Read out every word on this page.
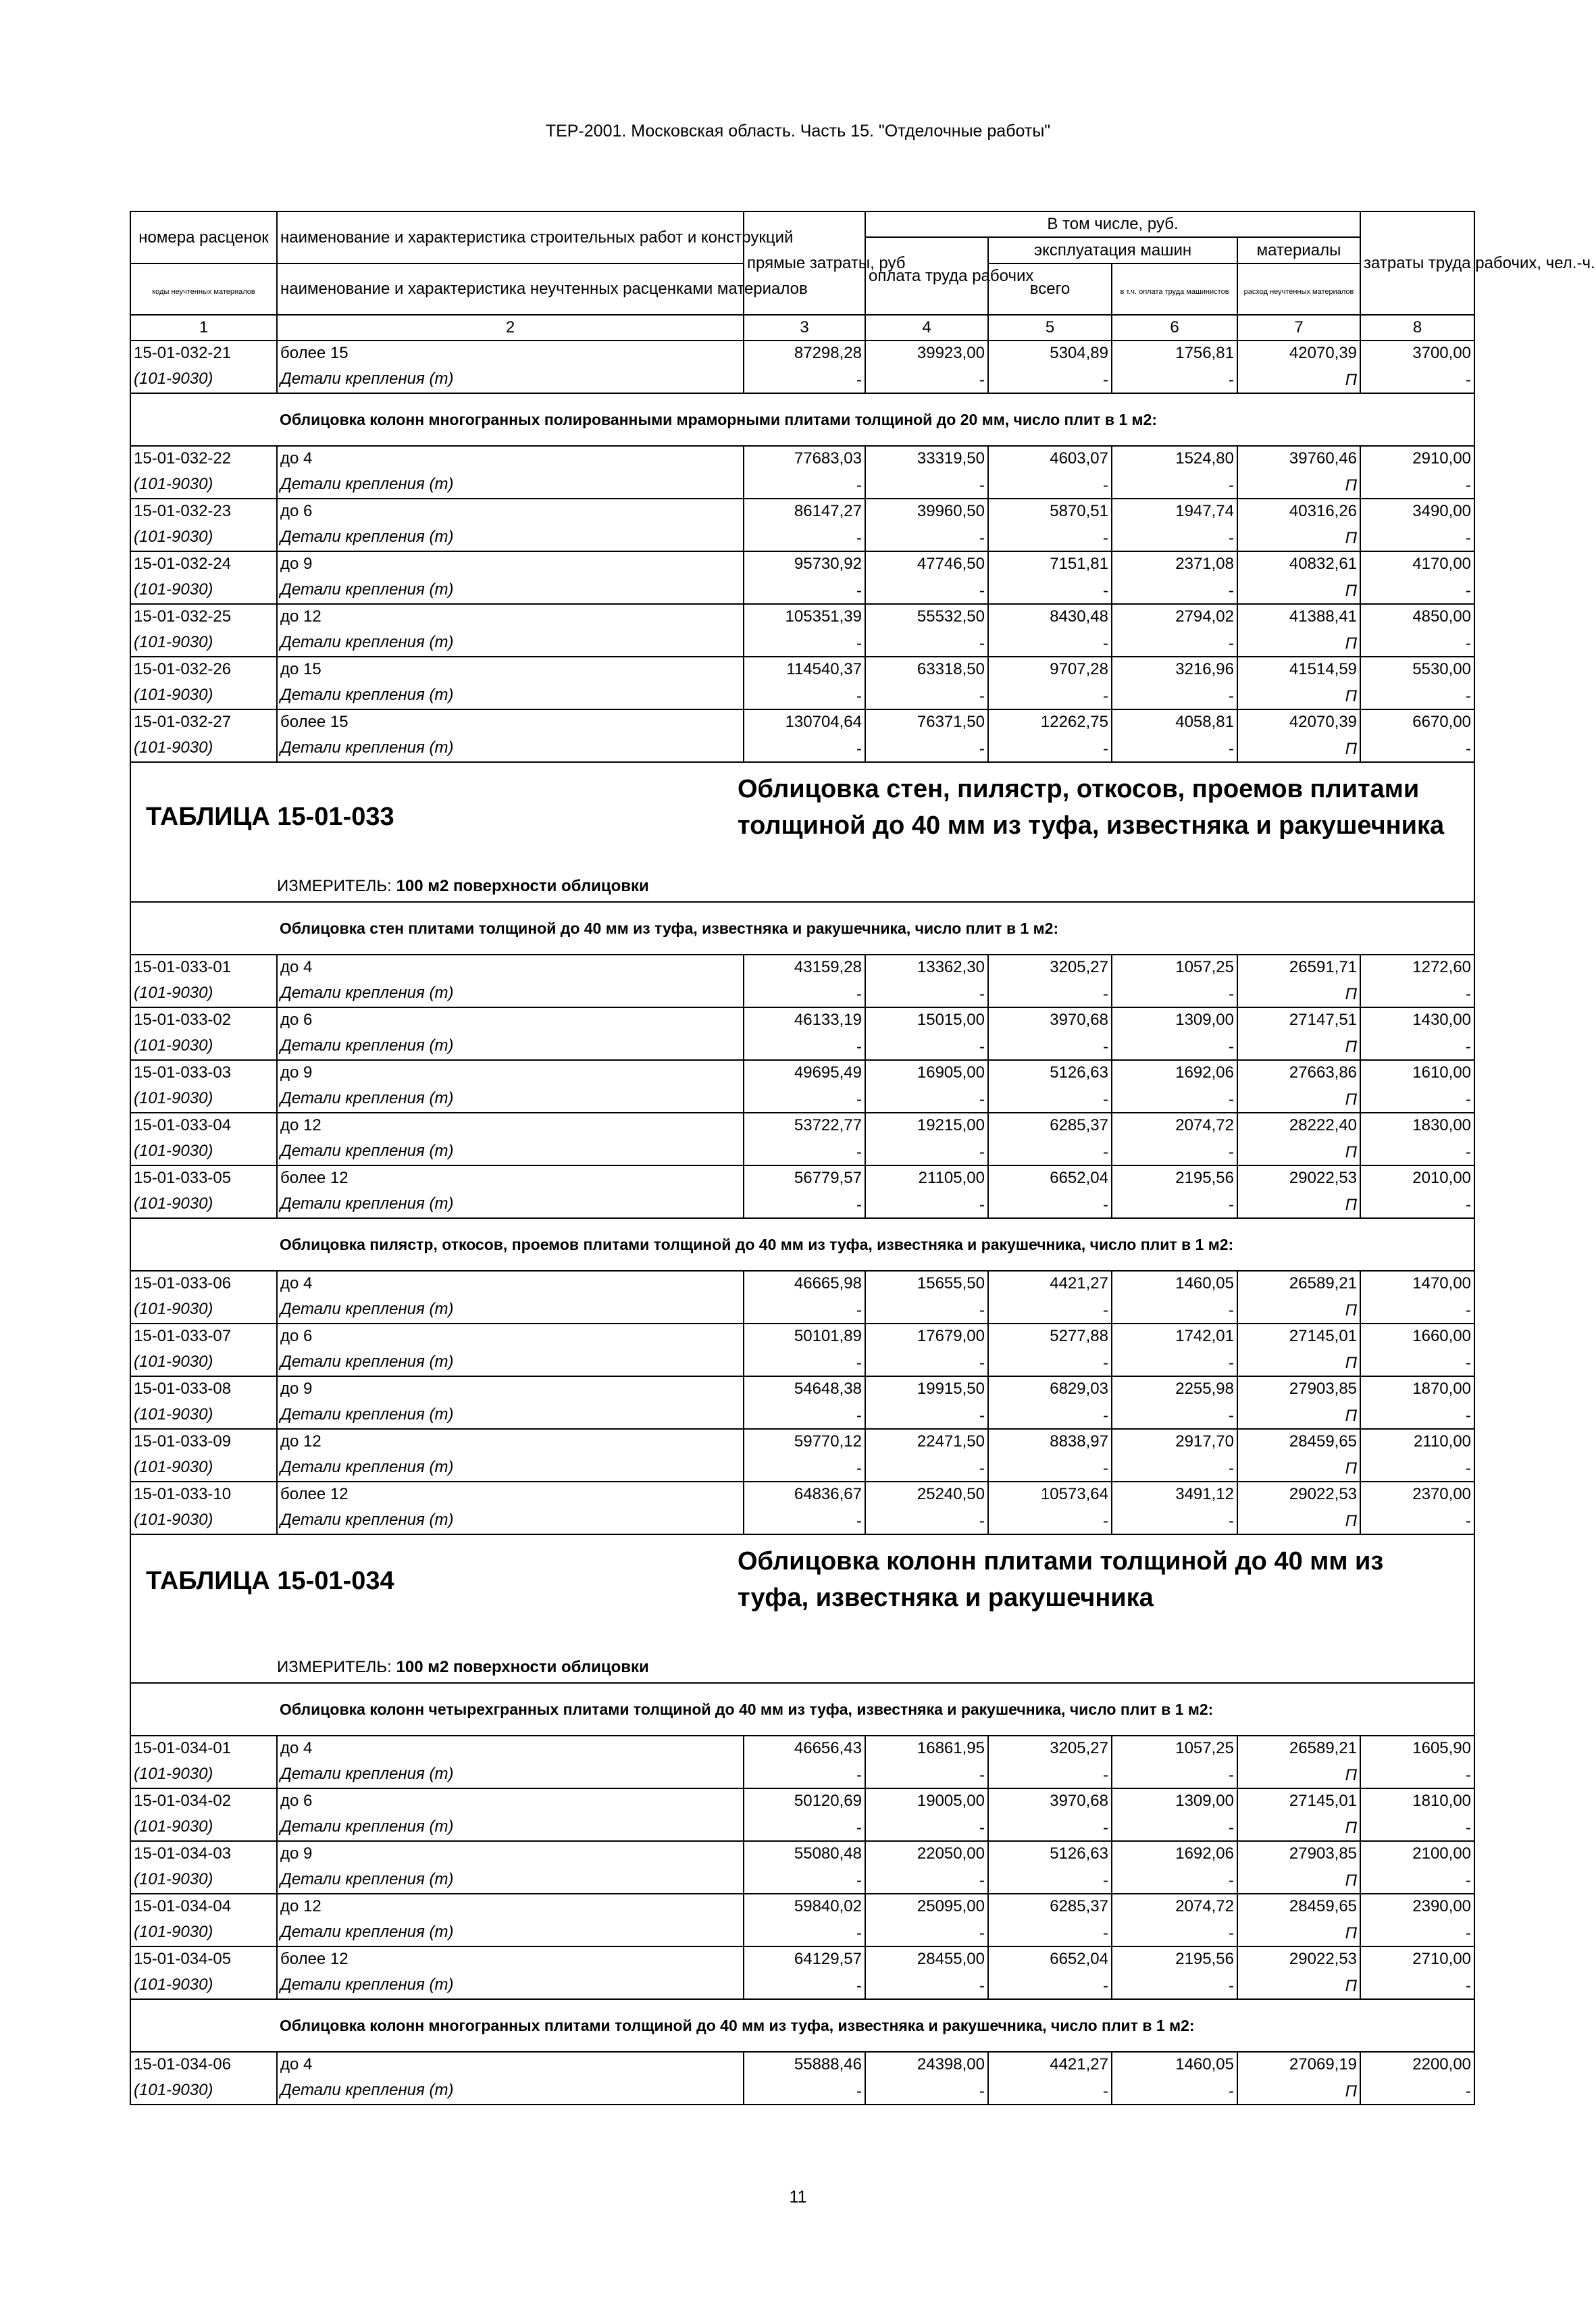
ТЕР-2001. Московская область. Часть 15. "Отделочные работы"
номера расценок	наименование и характеристика строительных работ и конструкций	прямые затраты, руб	В том числе, руб.				затраты труда рабочих, чел.-ч.
			оплата труда рабочих	эксплуатация машин		материалы	
коды неучтенных материалов	наименование и характеристика неучтенных расценками материалов			всего	в т.ч. оплата труда машинистов	расход неучтенных материалов	
1	2	3	4	5	6	7	8
15-01-032-21	более 15	87298,28	39923,00	5304,89	1756,81	42070,39	3700,00
(101-9030)	Детали крепления (т)	-	-	-	-	П	-
	Облицовка колонн многогранных полированными мраморными плитами толщиной до 20 мм, число плит в 1 м2:						
15-01-032-22	до 4	77683,03	33319,50	4603,07	1524,80	39760,46	2910,00
(101-9030)	Детали крепления (т)	-	-	-	-	П	-
15-01-032-23	до 6	86147,27	39960,50	5870,51	1947,74	40316,26	3490,00
(101-9030)	Детали крепления (т)	-	-	-	-	П	-
15-01-032-24	до 9	95730,92	47746,50	7151,81	2371,08	40832,61	4170,00
(101-9030)	Детали крепления (т)	-	-	-	-	П	-
15-01-032-25	до 12	105351,39	55532,50	8430,48	2794,02	41388,41	4850,00
(101-9030)	Детали крепления (т)	-	-	-	-	П	-
15-01-032-26	до 15	114540,37	63318,50	9707,28	3216,96	41514,59	5530,00
(101-9030)	Детали крепления (т)	-	-	-	-	П	-
15-01-032-27	более 15	130704,64	76371,50	12262,75	4058,81	42070,39	6670,00
(101-9030)	Детали крепления (т)	-	-	-	-	П	-

ТАБЛИЦА 15-01-033
Облицовка стен, пилястр, откосов, проемов плитами толщиной до 40 мм из туфа, известняка и ракушечника
ИЗМЕРИТЕЛЬ: 100 м2 поверхности облицовки							

	Облицовка стен плитами толщиной до 40 мм из туфа, известняка и ракушечника, число плит в 1 м2:						
15-01-033-01	до 4	43159,28	13362,30	3205,27	1057,25	26591,71	1272,60
(101-9030)	Детали крепления (т)	-	-	-	-	П	-
15-01-033-02	до 6	46133,19	15015,00	3970,68	1309,00	27147,51	1430,00
(101-9030)	Детали крепления (т)	-	-	-	-	П	-
15-01-033-03	до 9	49695,49	16905,00	5126,63	1692,06	27663,86	1610,00
(101-9030)	Детали крепления (т)	-	-	-	-	П	-
15-01-033-04	до 12	53722,77	19215,00	6285,37	2074,72	28222,40	1830,00
(101-9030)	Детали крепления (т)	-	-	-	-	П	-
15-01-033-05	более 12	56779,57	21105,00	6652,04	2195,56	29022,53	2010,00
(101-9030)	Детали крепления (т)	-	-	-	-	П	-
	Облицовка пилястр, откосов, проемов плитами толщиной до 40 мм из туфа, известняка и ракушечника, число плит в 1 м2:						
15-01-033-06	до 4	46665,98	15655,50	4421,27	1460,05	26589,21	1470,00
(101-9030)	Детали крепления (т)	-	-	-	-	П	-
15-01-033-07	до 6	50101,89	17679,00	5277,88	1742,01	27145,01	1660,00
(101-9030)	Детали крепления (т)	-	-	-	-	П	-
15-01-033-08	до 9	54648,38	19915,50	6829,03	2255,98	27903,85	1870,00
(101-9030)	Детали крепления (т)	-	-	-	-	П	-
15-01-033-09	до 12	59770,12	22471,50	8838,97	2917,70	28459,65	2110,00
(101-9030)	Детали крепления (т)	-	-	-	-	П	-
15-01-033-10	более 12	64836,67	25240,50	10573,64	3491,12	29022,53	2370,00
(101-9030)	Детали крепления (т)	-	-	-	-	П	-

ТАБЛИЦА 15-01-034
Облицовка колонн плитами толщиной до 40 мм из туфа, известняка и ракушечника
ИЗМЕРИТЕЛЬ: 100 м2 поверхности облицовки							

	Облицовка колонн четырехгранных плитами толщиной до 40 мм из туфа, известняка и ракушечника, число плит в 1 м2:						
15-01-034-01	до 4	46656,43	16861,95	3205,27	1057,25	26589,21	1605,90
(101-9030)	Детали крепления (т)	-	-	-	-	П	-
15-01-034-02	до 6	50120,69	19005,00	3970,68	1309,00	27145,01	1810,00
(101-9030)	Детали крепления (т)	-	-	-	-	П	-
15-01-034-03	до 9	55080,48	22050,00	5126,63	1692,06	27903,85	2100,00
(101-9030)	Детали крепления (т)	-	-	-	-	П	-
15-01-034-04	до 12	59840,02	25095,00	6285,37	2074,72	28459,65	2390,00
(101-9030)	Детали крепления (т)	-	-	-	-	П	-
15-01-034-05	более 12	64129,57	28455,00	6652,04	2195,56	29022,53	2710,00
(101-9030)	Детали крепления (т)	-	-	-	-	П	-
	Облицовка колонн многогранных плитами толщиной до 40 мм из туфа, известняка и ракушечника, число плит в 1 м2:						
15-01-034-06	до 4	55888,46	24398,00	4421,27	1460,05	27069,19	2200,00
(101-9030)	Детали крепления (т)	-	-	-	-	П	-
11
